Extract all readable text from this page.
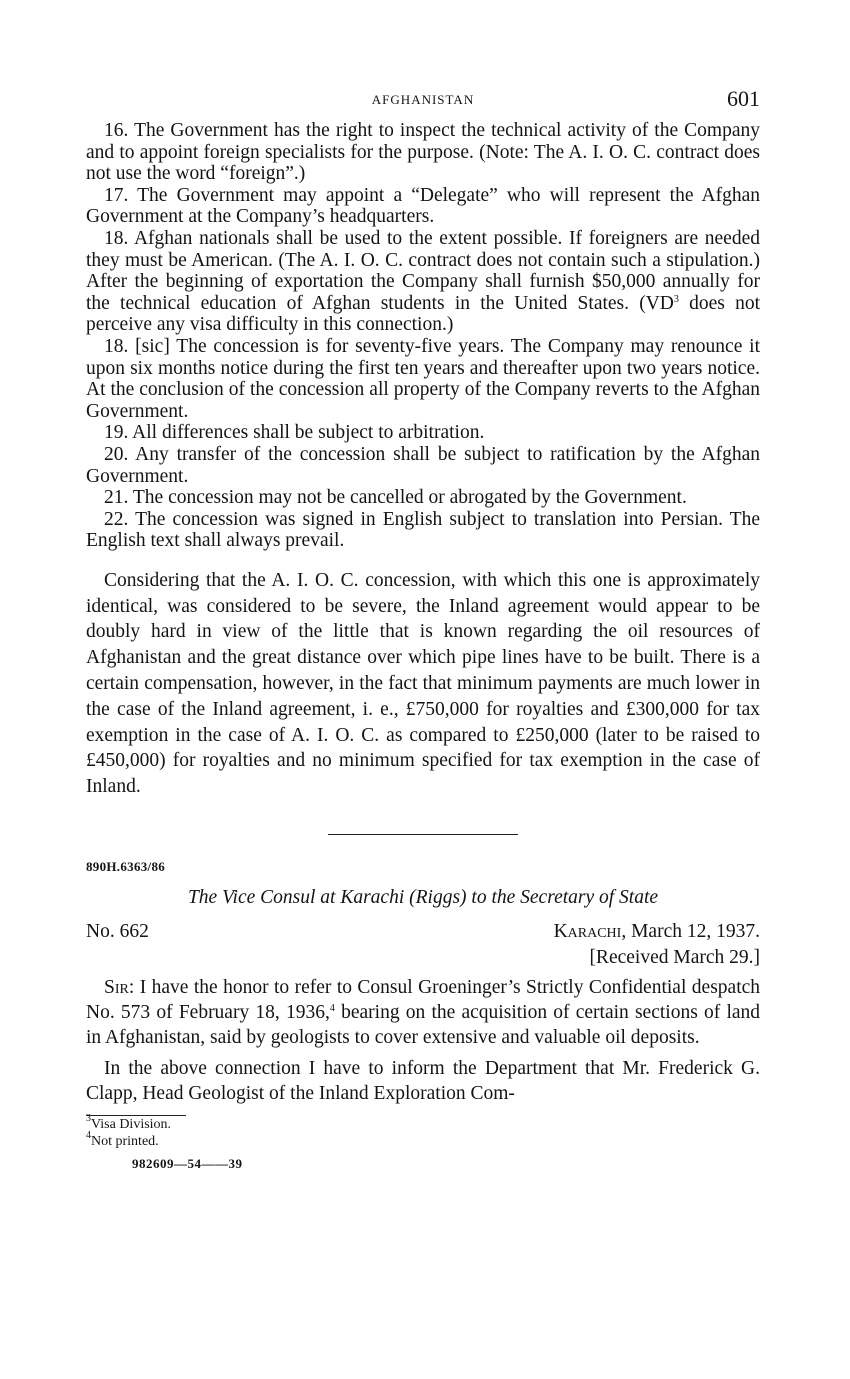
AFGHANISTAN	601

16. The Government has the right to inspect the technical activity of the Company and to appoint foreign specialists for the purpose. (Note: The A. I. O. C. contract does not use the word “foreign”.)

17. The Government may appoint a “Delegate” who will represent the Afghan Government at the Company’s headquarters.

18. Afghan nationals shall be used to the extent possible. If foreigners are needed they must be American. (The A. I. O. C. contract does not contain such a stipulation.) After the beginning of exportation the Company shall furnish $50,000 annually for the technical education of Afghan students in the United States. ($VD^3$ does not perceive any visa difficulty in this connection.)

18. [sic] The concession is for seventy-five years. The Company may renounce it upon six months notice during the first ten years and thereafter upon two years notice. At the conclusion of the concession all property of the Company reverts to the Afghan Government.

19. All differences shall be subject to arbitration.

20. Any transfer of the concession shall be subject to ratification by the Afghan Government.

21. The concession may not be cancelled or abrogated by the Government.

22. The concession was signed in English subject to translation into Persian. The English text shall always prevail.

Considering that the A. I. O. C. concession, with which this one is approximately identical, was considered to be severe, the Inland agreement would appear to be doubly hard in view of the little that is known regarding the oil resources of Afghanistan and the great distance over which pipe lines have to be built. There is a certain compensation, however, in the fact that minimum payments are much lower in the case of the Inland agreement, i. e., £750,000 for royalties and £300,000 for tax exemption in the case of A. I. O. C. as compared to £250,000 (later to be raised to £450,000) for royalties and no minimum specified for tax exemption in the case of Inland.

890H.6363/86
The Vice Consul at Karachi (Riggs) to the Secretary of State
No. 662	Karachi, March 12, 1937.
[Received March 29.]

Sir: I have the honor to refer to Consul Groeninger’s Strictly Confidential despatch No. 573 of February 18, 1936,$^4$ bearing on the acquisition of certain sections of land in Afghanistan, said by geologists to cover extensive and valuable oil deposits.

In the above connection I have to inform the Department that Mr. Frederick G. Clapp, Head Geologist of the Inland Exploration Com-

$^3$Visa Division.

$^4$Not printed.

982609—54——39
